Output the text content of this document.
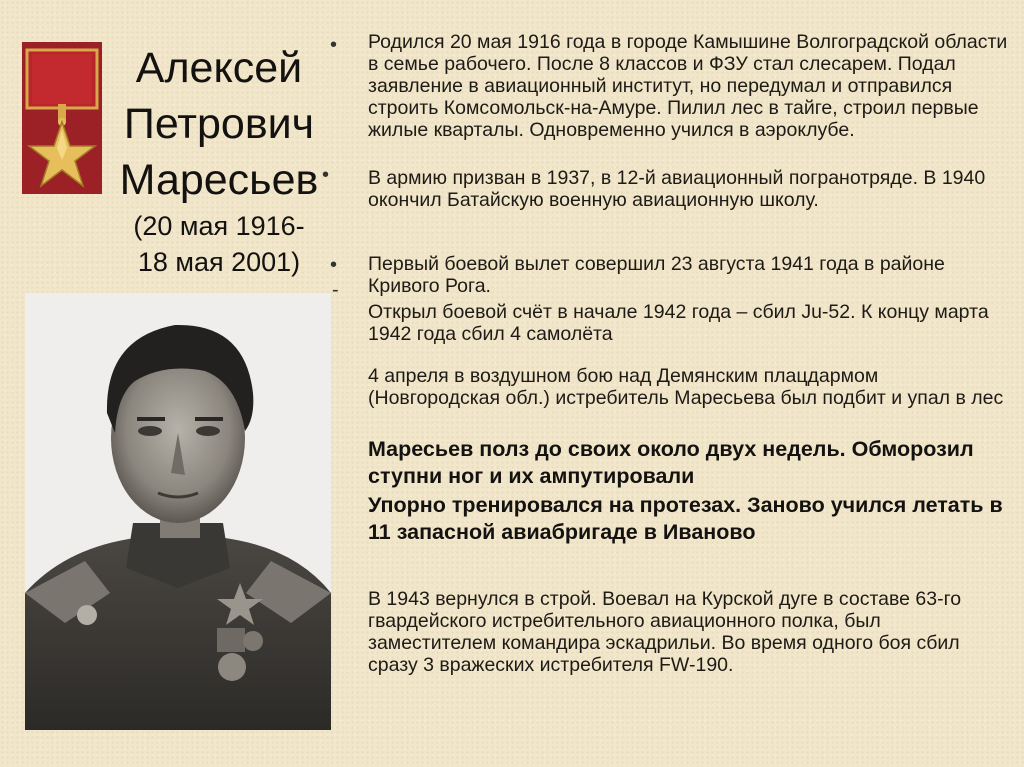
Алексей
Петрович
Маресьев
(20 мая 1916-
18 мая 2001)
•
•
•
-
Родился 20 мая 1916 года в городе Камышине Волгоградской области в семье рабочего. После 8 классов и ФЗУ стал слесарем. Подал заявление в авиационный институт, но передумал и отправился строить Комсомольск-на-Амуре. Пилил лес в тайге, строил первые жилые кварталы. Одновременно учился в аэроклубе.
В армию призван в 1937, в 12-й авиационный погранотряде. В 1940 окончил Батайскую военную авиационную школу.
Первый боевой вылет совершил 23 августа 1941 года в районе Кривого Рога.
Открыл боевой счёт в начале 1942 года – сбил Ju-52. К концу марта 1942 года сбил 4 самолёта
4 апреля в воздушном бою над Демянским плацдармом (Новгородская обл.) истребитель Маресьева был подбит и упал в лес
Маресьев полз до своих около двух недель. Обморозил ступни ног и их ампутировали
Упорно тренировался на протезах. Заново учился летать в 11 запасной авиабригаде в Иваново
В 1943 вернулся в строй. Воевал на Курской дуге в составе 63-го гвардейского истребительного авиационного полка, был заместителем командира эскадрильи. Во время одного боя сбил сразу 3 вражеских истребителя FW-190.
